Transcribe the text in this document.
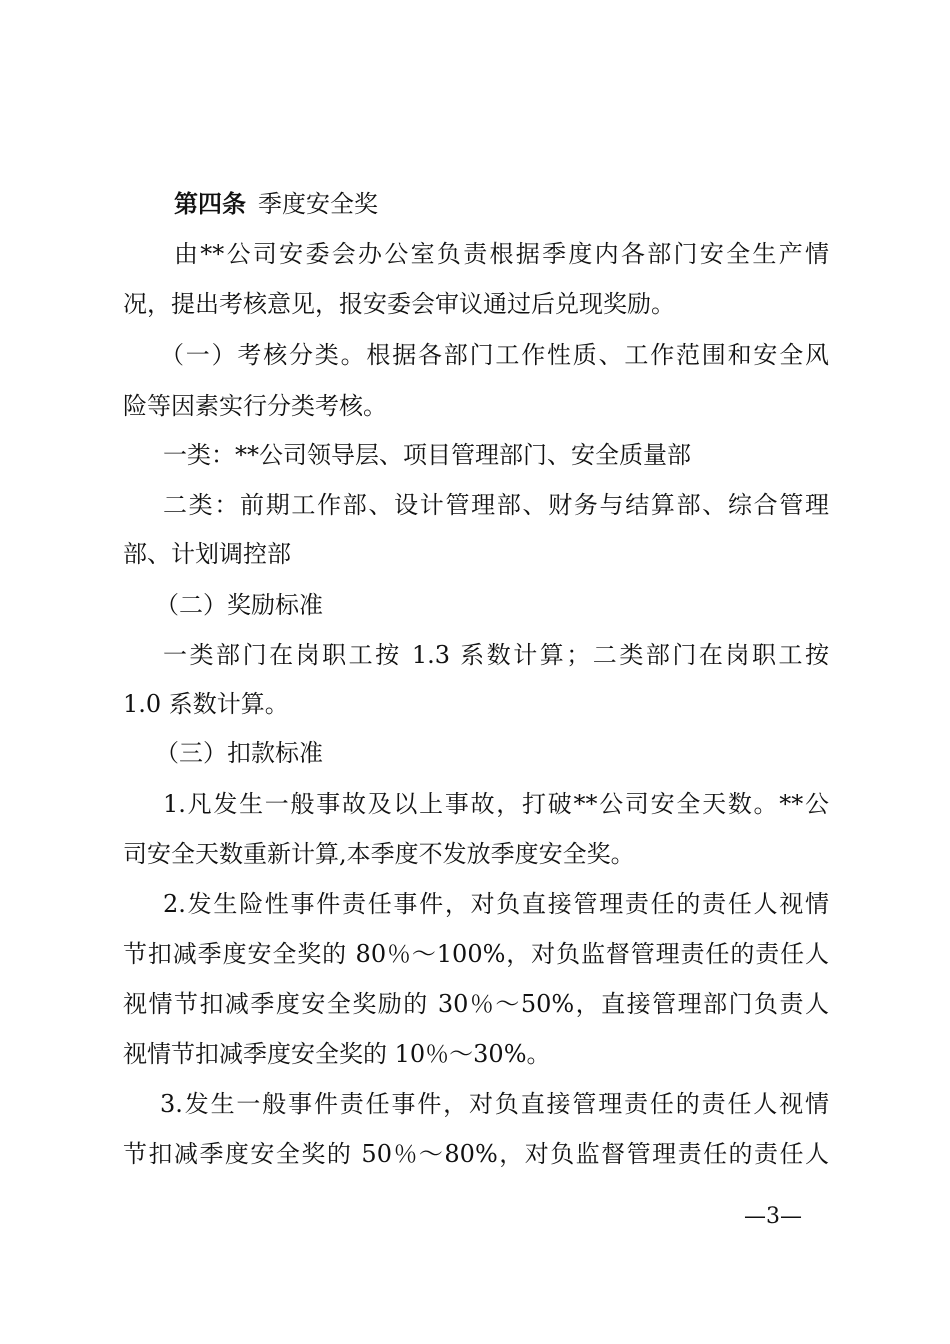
第四条 季度安全奖
由**公司安委会办公室负责根据季度内各部门安全生产情
况，提出考核意见，报安委会审议通过后兑现奖励。
（一）考核分类。根据各部门工作性质、工作范围和安全风
险等因素实行分类考核。
一类：**公司领导层、项目管理部门、安全质量部
二类：前期工作部、设计管理部、财务与结算部、综合管理
部、计划调控部
（二）奖励标准
一类部门在岗职工按 1.3 系数计算；二类部门在岗职工按
1.0 系数计算。
（三）扣款标准
1.凡发生一般事故及以上事故，打破**公司安全天数。**公
司安全天数重新计算,本季度不发放季度安全奖。
2.发生险性事件责任事件，对负直接管理责任的责任人视情
节扣减季度安全奖的 80％～100%，对负监督管理责任的责任人
视情节扣减季度安全奖励的 30％～50%，直接管理部门负责人
视情节扣减季度安全奖的 10％～30%。
3.发生一般事件责任事件，对负直接管理责任的责任人视情
节扣减季度安全奖的 50％～80%，对负监督管理责任的责任人
—3—
